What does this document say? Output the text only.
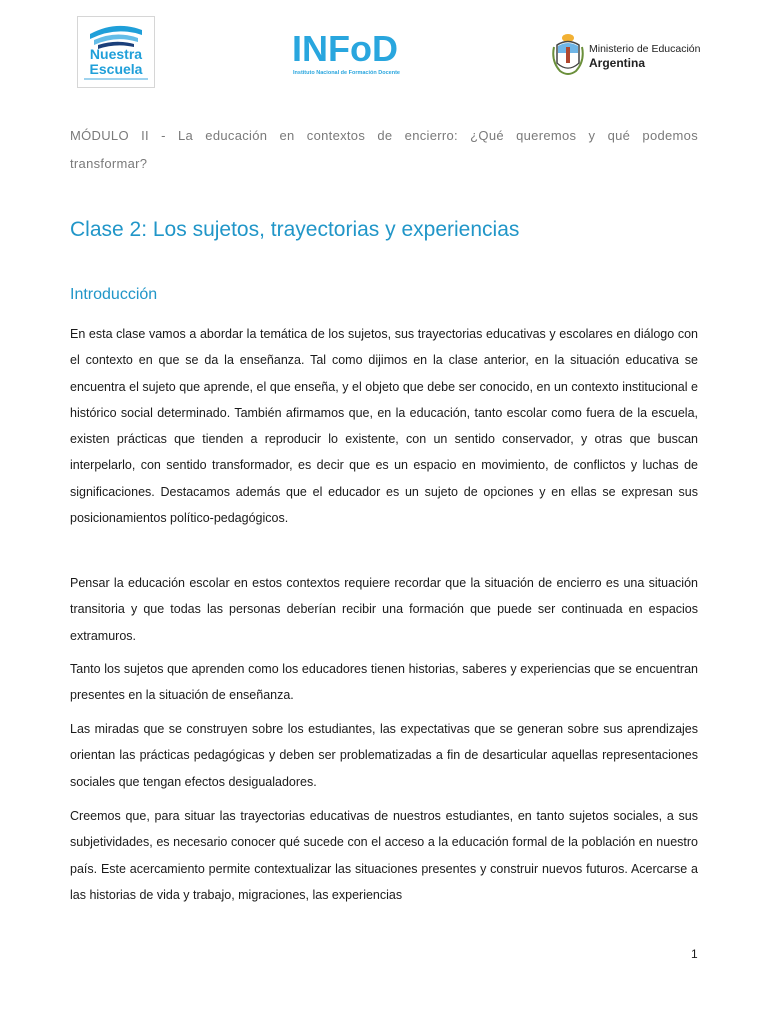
Nuestra
Escuela	INFoD
Instituto Nacional de Formación Docente
Ministerio de Educación
Argentina
MÓDULO II - La educación en contextos de encierro: ¿Qué queremos y qué podemos
transformar?
Clase 2: Los sujetos, trayectorias y experiencias
Introducción

En esta clase vamos a abordar la temática de los sujetos, sus trayectorias educativas y escolares en diálogo con el contexto en que se da la enseñanza. Tal como dijimos en la clase anterior, en la situación educativa se encuentra el sujeto que aprende, el que enseña, y el objeto que debe ser conocido, en un contexto institucional e histórico social determinado. También afirmamos que, en la educación, tanto escolar como fuera de la escuela, existen prácticas que tienden a reproducir lo existente, con un sentido conservador, y otras que buscan interpelarlo, con sentido transformador, es decir que es un espacio en movimiento, de conflictos y luchas de significaciones. Destacamos además que el educador es un sujeto de opciones y en ellas se expresan sus posicionamientos político-pedagógicos.

Pensar la educación escolar en estos contextos requiere recordar que la situación de encierro es una situación transitoria y que todas las personas deberían recibir una formación que puede ser continuada en espacios extramuros.

Tanto los sujetos que aprenden como los educadores tienen historias, saberes y experiencias que se encuentran presentes en la situación de enseñanza.

Las miradas que se construyen sobre los estudiantes, las expectativas que se generan sobre sus aprendizajes orientan las prácticas pedagógicas y deben ser problematizadas a fin de desarticular aquellas representaciones sociales que tengan efectos desigualadores.

Creemos que, para situar las trayectorias educativas de nuestros estudiantes, en tanto sujetos sociales, a sus subjetividades, es necesario conocer qué sucede con el acceso a la educación formal de la población en nuestro país. Este acercamiento permite contextualizar las situaciones presentes y construir nuevos futuros. Acercarse a las historias de vida y trabajo, migraciones, las experiencias

1
